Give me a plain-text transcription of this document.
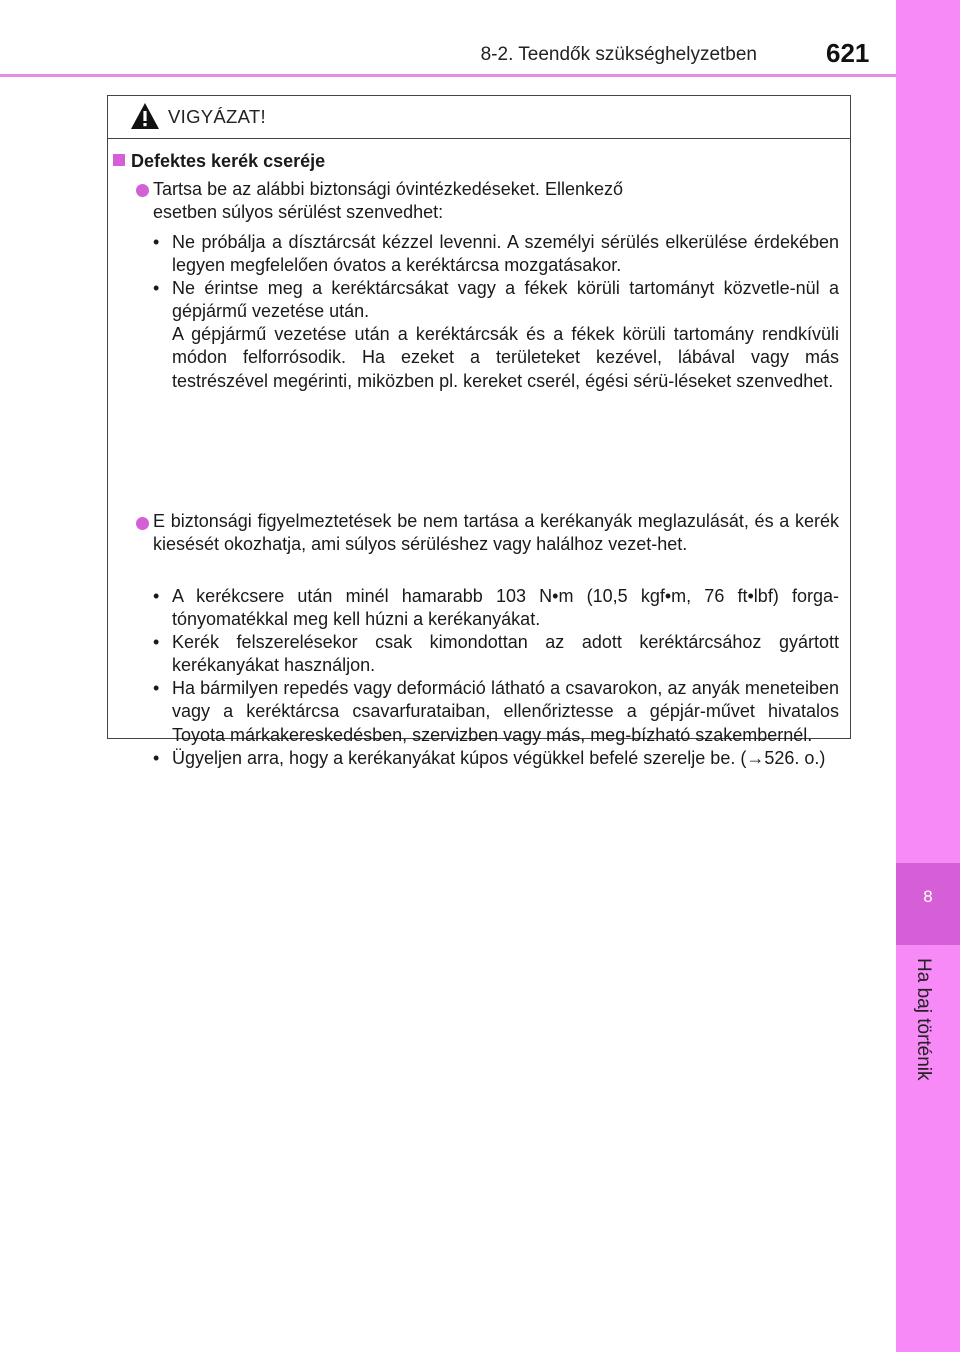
8-2. Teendők szükséghelyzetben	621
8
Ha baj történik
VIGYÁZAT!
Defektes kerék cseréje
Tartsa be az alábbi biztonsági óvintézkedéseket. Ellenkező esetben súlyos sérülést szenvedhet:
• Ne próbálja a dísztárcsát kézzel levenni. A személyi sérülés elkerülése érdekében legyen megfelelően óvatos a keréktárcsa mozgatásakor.
• Ne érintse meg a keréktárcsákat vagy a fékek körüli tartományt közvetle-nül a gépjármű vezetése után.
A gépjármű vezetése után a keréktárcsák és a fékek körüli tartomány rendkívüli módon felforrósodik. Ha ezeket a területeket kezével, lábával vagy más testrészével megérinti, miközben pl. kereket cserél, égési sérü-léseket szenvedhet.
E biztonsági figyelmeztetések be nem tartása a kerékanyák meglazulását, és a kerék kiesését okozhatja, ami súlyos sérüléshez vagy halálhoz vezet-het.
• A kerékcsere után minél hamarabb 103 N•m (10,5 kgf•m, 76 ft•lbf) forga-tónyomatékkal meg kell húzni a kerékanyákat.
• Kerék felszerelésekor csak kimondottan az adott keréktárcsához gyártott kerékanyákat használjon.
• Ha bármilyen repedés vagy deformáció látható a csavarokon, az anyák meneteiben vagy a keréktárcsa csavarfurataiban, ellenőriztesse a gépjár-művet hivatalos Toyota márkakereskedésben, szervizben vagy más, meg-bízható szakembernél.
• Ügyeljen arra, hogy a kerékanyákat kúpos végükkel befelé szerelje be. (→526. o.)
